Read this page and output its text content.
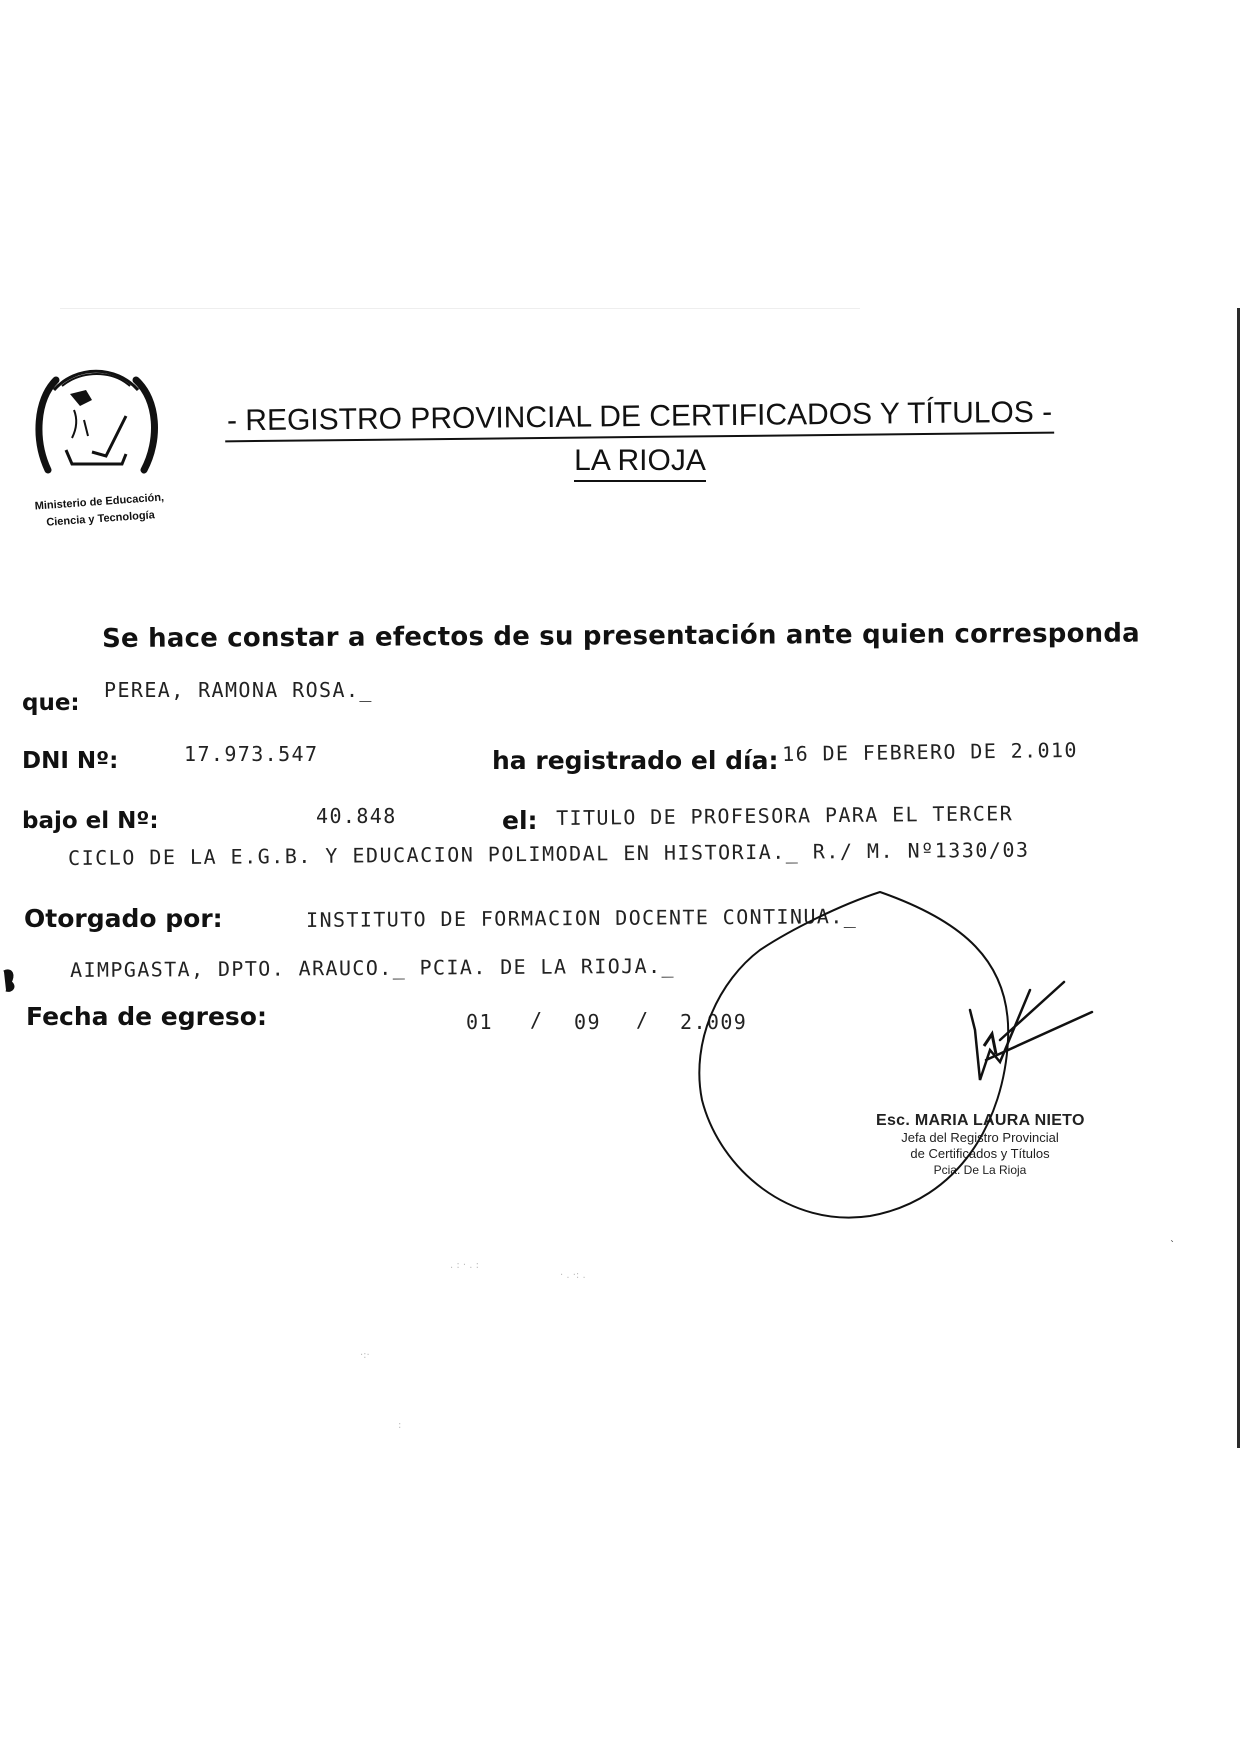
Ministerio de Educación,
Ciencia y Tecnología
- REGISTRO PROVINCIAL DE CERTIFICADOS Y TÍTULOS -
LA RIOJA
Se hace constar a efectos de su presentación ante quien corresponda
que: PEREA, RAMONA ROSA._
DNI Nº:	17.973.547	ha registrado el día: 16 DE FEBRERO DE 2.010
bajo el Nº:	40.848	el: TITULO DE PROFESORA PARA EL TERCER
CICLO DE LA E.G.B. Y EDUCACION POLIMODAL EN HISTORIA._ R./ M. Nº1330/03
Otorgado por:	INSTITUTO DE FORMACION DOCENTE CONTINUA._
AIMPGASTA, DPTO. ARAUCO._ PCIA. DE LA RIOJA._
Fecha de egreso:	01 / 09 / 2.009
Esc. MARIA LAURA NIETO
Jefa del Registro Provincial
de Certificados y Títulos
Pcia. De La Rioja
. : · . :
· . ·: .
·:·
:
`
